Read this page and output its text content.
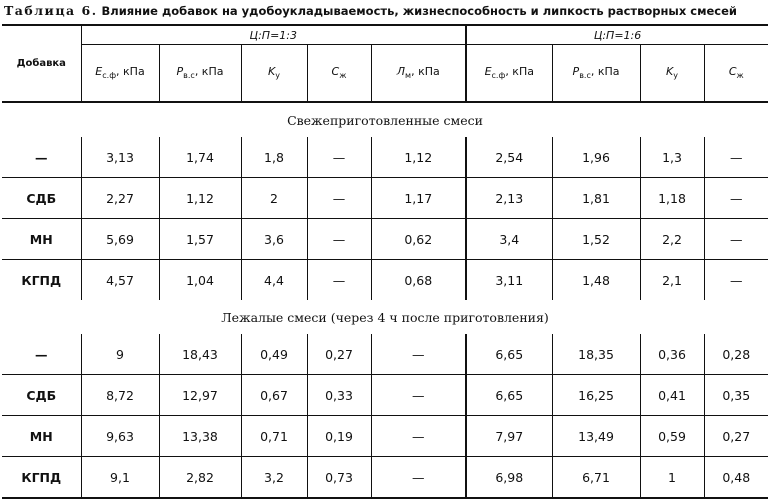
Таблица 6. Влияние добавок на удобоукладываемость, жизнеспособность и липкость растворных смесей
Добавка	Ц:П=1:3					Ц:П=1:6			
	$E_{с.ф}$, кПа	$P_{в.с}$, кПа	$K_у$	$С_ж$	$Л_м$, кПа	$E_{с.ф}$, кПа	$P_{в.с}$, кПа	$K_у$	$С_ж$
Свежеприготовленные смеси									
—	3,13	1,74	1,8	—	1,12	2,54	1,96	1,3	—
СДБ	2,27	1,12	2	—	1,17	2,13	1,81	1,18	—
МН	5,69	1,57	3,6	—	0,62	3,4	1,52	2,2	—
КГПД	4,57	1,04	4,4	—	0,68	3,11	1,48	2,1	—
Лежалые смеси (через 4 ч после приготовления)									
—	9	18,43	0,49	0,27	—	6,65	18,35	0,36	0,28
СДБ	8,72	12,97	0,67	0,33	—	6,65	16,25	0,41	0,35
МН	9,63	13,38	0,71	0,19	—	7,97	13,49	0,59	0,27
КГПД	9,1	2,82	3,2	0,73	—	6,98	6,71	1	0,48
